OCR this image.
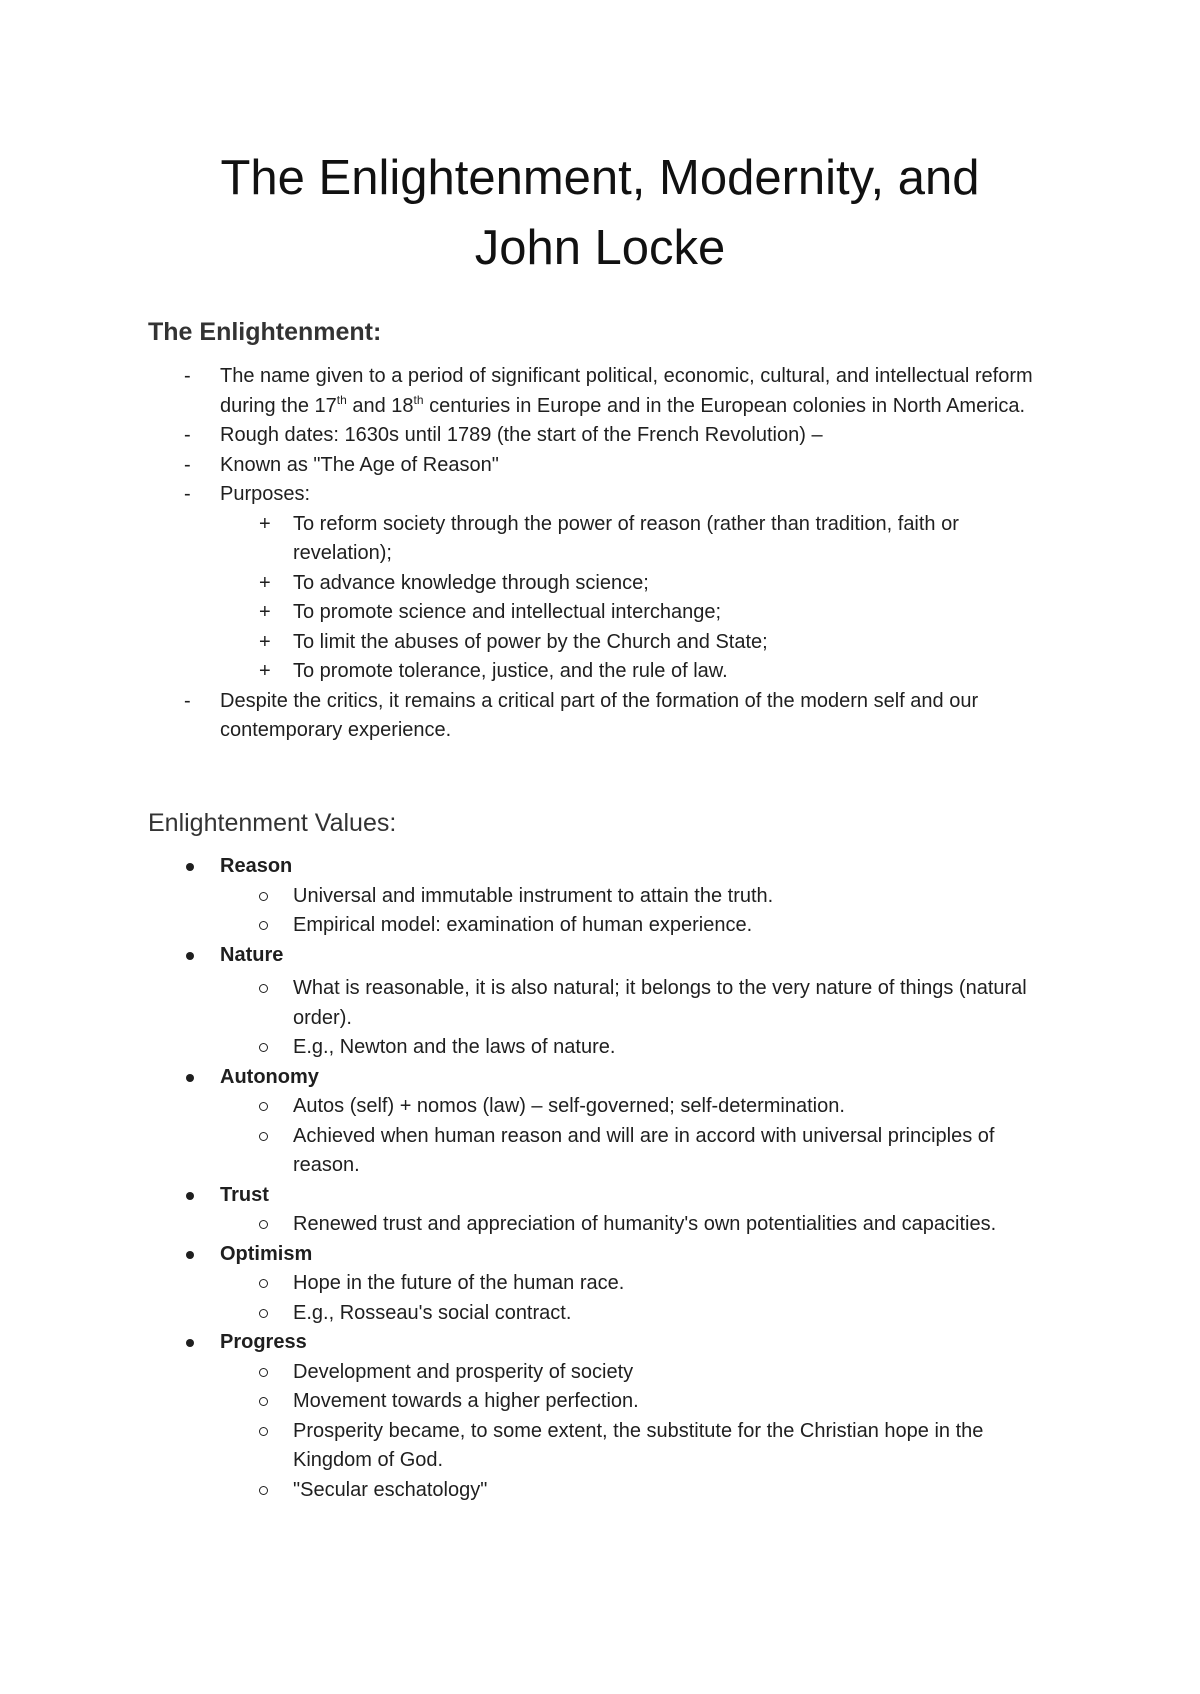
The Enlightenment, Modernity, and
John Locke
The Enlightenment:
- The name given to a period of significant political, economic, cultural, and intellectual reform during the 17th and 18th centuries in Europe and in the European colonies in North America.
- Rough dates: 1630s until 1789 (the start of the French Revolution) –
- Known as "The Age of Reason"
- Purposes:
+ To reform society through the power of reason (rather than tradition, faith or revelation);
+ To advance knowledge through science;
+ To promote science and intellectual interchange;
+ To limit the abuses of power by the Church and State;
+ To promote tolerance, justice, and the rule of law.
- Despite the critics, it remains a critical part of the formation of the modern self and our contemporary experience.
Enlightenment Values:
Reason
Universal and immutable instrument to attain the truth.
Empirical model: examination of human experience.
Nature
What is reasonable, it is also natural; it belongs to the very nature of things (natural order).
E.g., Newton and the laws of nature.
Autonomy
Autos (self) + nomos (law) – self-governed; self-determination.
Achieved when human reason and will are in accord with universal principles of reason.
Trust
Renewed trust and appreciation of humanity's own potentialities and capacities.
Optimism
Hope in the future of the human race.
E.g., Rosseau's social contract.
Progress
Development and prosperity of society
Movement towards a higher perfection.
Prosperity became, to some extent, the substitute for the Christian hope in the Kingdom of God.
"Secular eschatology"
